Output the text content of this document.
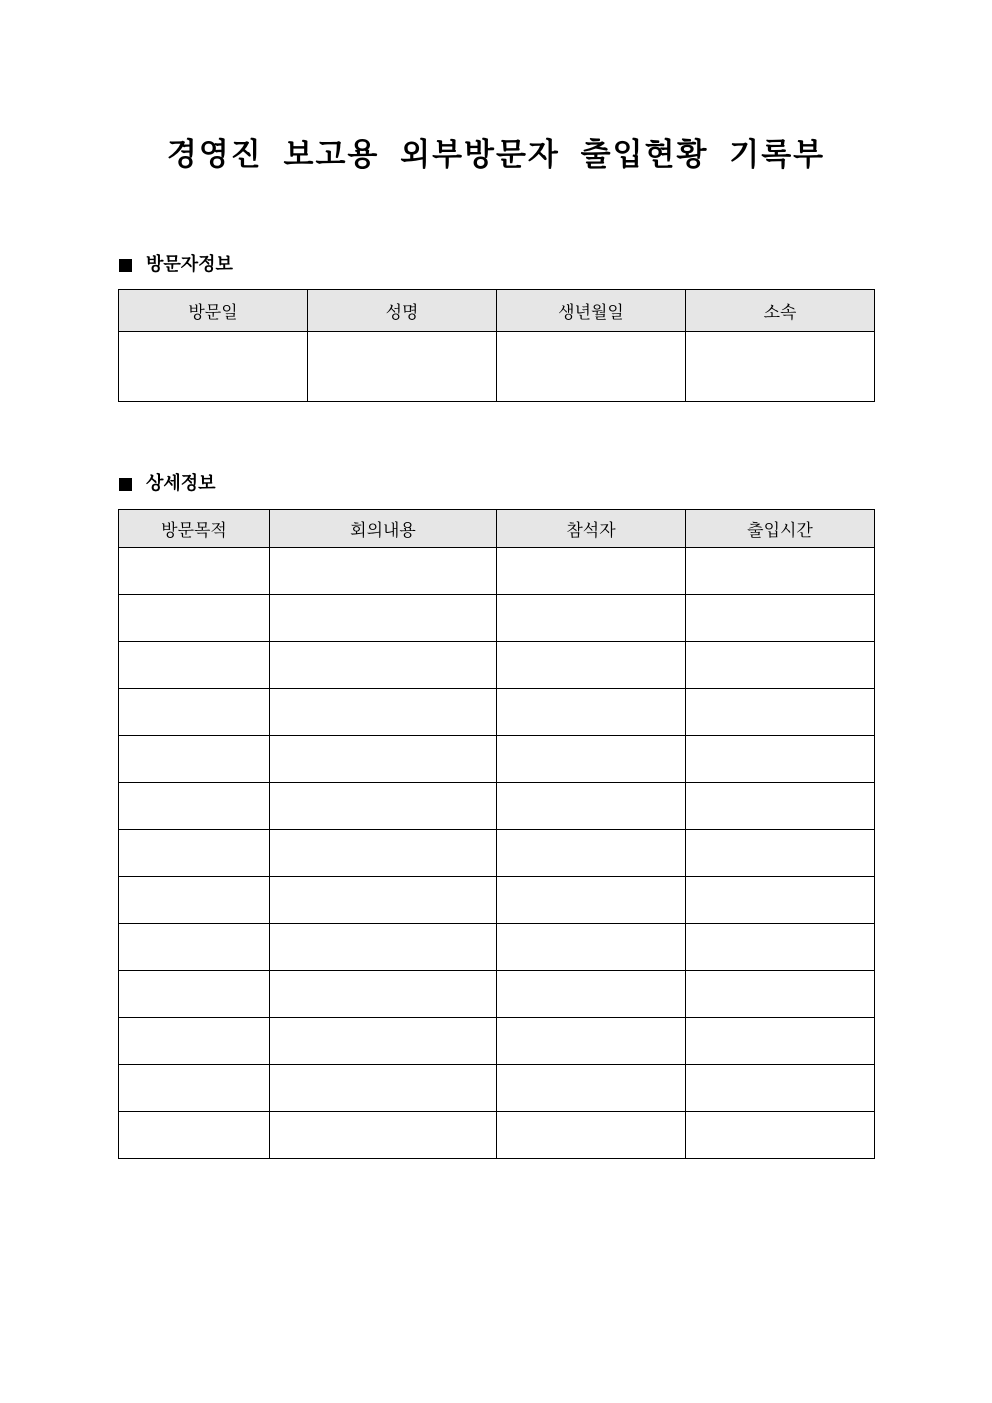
경영진 보고용 외부방문자 출입현황 기록부
방문자정보
방문일	성명	생년월일	소속

상세정보
방문목적	회의내용	참석자	출입시간
